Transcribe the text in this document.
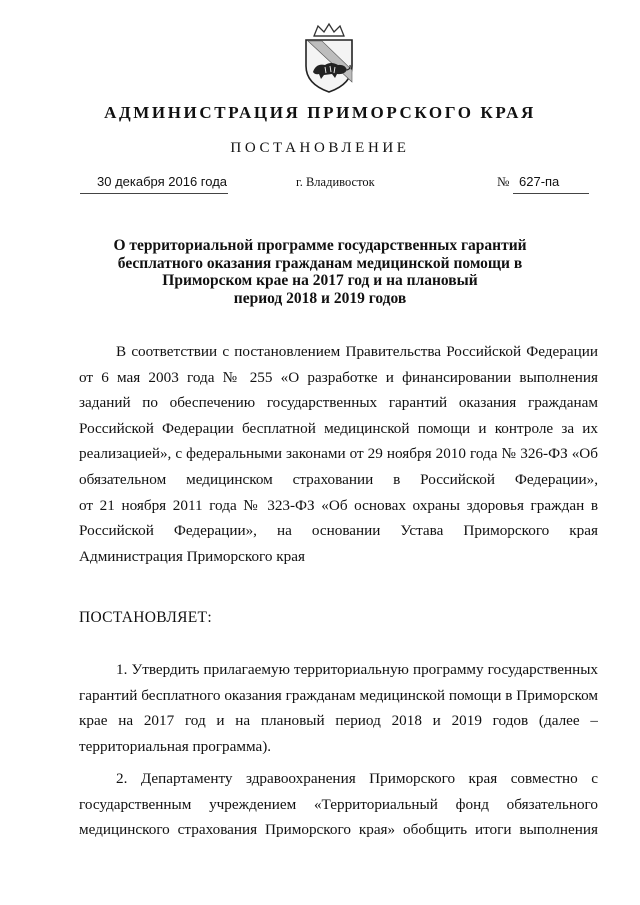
АДМИНИСТРАЦИЯ ПРИМОРСКОГО КРАЯ
ПОСТАНОВЛЕНИЕ
30 декабря 2016 года	г. Владивосток	№ 627-па
О территориальной программе государственных гарантий
бесплатного оказания гражданам медицинской помощи в
Приморском крае на 2017 год и на плановый
период 2018 и 2019 годов
В соответствии с постановлением Правительства Российской Федерации
от 6 мая 2003 года № 255 «О разработке и финансировании выполнения
заданий по обеспечению государственных гарантий оказания гражданам
Российской Федерации бесплатной медицинской помощи и контроле за их
реализацией», с федеральными законами от 29 ноября 2010 года № 326-ФЗ «Об
обязательном медицинском страховании в Российской Федерации»,
от 21 ноября 2011 года № 323-ФЗ «Об основах охраны здоровья граждан в
Российской Федерации», на основании Устава Приморского края
Администрация Приморского края
ПОСТАНОВЛЯЕТ:
1. Утвердить прилагаемую территориальную программу государственных
гарантий бесплатного оказания гражданам медицинской помощи в Приморском
крае на 2017 год и на плановый период 2018 и 2019 годов (далее –
территориальная программа).
2. Департаменту здравоохранения Приморского края совместно с
государственным учреждением «Территориальный фонд обязательного
медицинского страхования Приморского края» обобщить итоги выполнения
